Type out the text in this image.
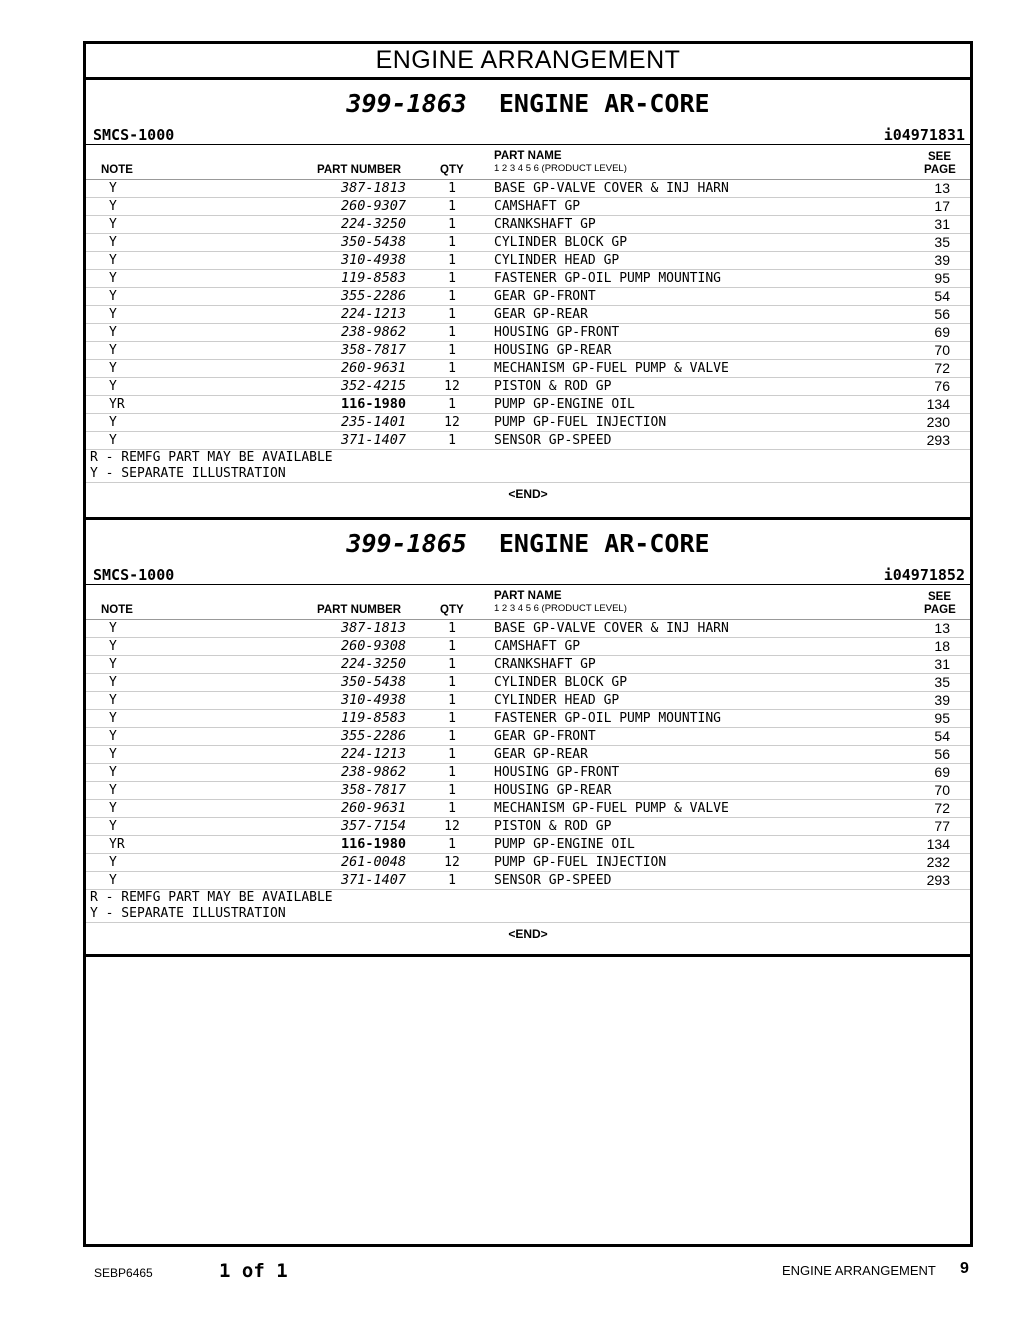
ENGINE ARRANGEMENT
399-1863 ENGINE AR-CORE
SMCS-1000	i04971831
NOTE	PART NUMBER	QTY
PART NAME
1 2 3 4 5 6 (PRODUCT LEVEL)
SEE
PAGE
Y	387-1813	1	BASE GP-VALVE COVER & INJ HARN	13
Y	260-9307	1	CAMSHAFT GP	17
Y	224-3250	1	CRANKSHAFT GP	31
Y	350-5438	1	CYLINDER BLOCK GP	35
Y	310-4938	1	CYLINDER HEAD GP	39
Y	119-8583	1	FASTENER GP-OIL PUMP MOUNTING	95
Y	355-2286	1	GEAR GP-FRONT	54
Y	224-1213	1	GEAR GP-REAR	56
Y	238-9862	1	HOUSING GP-FRONT	69
Y	358-7817	1	HOUSING GP-REAR	70
Y	260-9631	1	MECHANISM GP-FUEL PUMP & VALVE	72
Y	352-4215	12	PISTON & ROD GP	76
YR	116-1980	1	PUMP GP-ENGINE OIL	134
Y	235-1401	12	PUMP GP-FUEL INJECTION	230
Y	371-1407	1	SENSOR GP-SPEED	293
R - REMFG PART MAY BE AVAILABLE
Y - SEPARATE ILLUSTRATION
<END>
399-1865 ENGINE AR-CORE
SMCS-1000	i04971852
NOTE	PART NUMBER	QTY
PART NAME
1 2 3 4 5 6 (PRODUCT LEVEL)
SEE
PAGE
Y	387-1813	1	BASE GP-VALVE COVER & INJ HARN	13
Y	260-9308	1	CAMSHAFT GP	18
Y	224-3250	1	CRANKSHAFT GP	31
Y	350-5438	1	CYLINDER BLOCK GP	35
Y	310-4938	1	CYLINDER HEAD GP	39
Y	119-8583	1	FASTENER GP-OIL PUMP MOUNTING	95
Y	355-2286	1	GEAR GP-FRONT	54
Y	224-1213	1	GEAR GP-REAR	56
Y	238-9862	1	HOUSING GP-FRONT	69
Y	358-7817	1	HOUSING GP-REAR	70
Y	260-9631	1	MECHANISM GP-FUEL PUMP & VALVE	72
Y	357-7154	12	PISTON & ROD GP	77
YR	116-1980	1	PUMP GP-ENGINE OIL	134
Y	261-0048	12	PUMP GP-FUEL INJECTION	232
Y	371-1407	1	SENSOR GP-SPEED	293
R - REMFG PART MAY BE AVAILABLE
Y - SEPARATE ILLUSTRATION
<END>
SEBP6465	1 of 1	ENGINE ARRANGEMENT 9
